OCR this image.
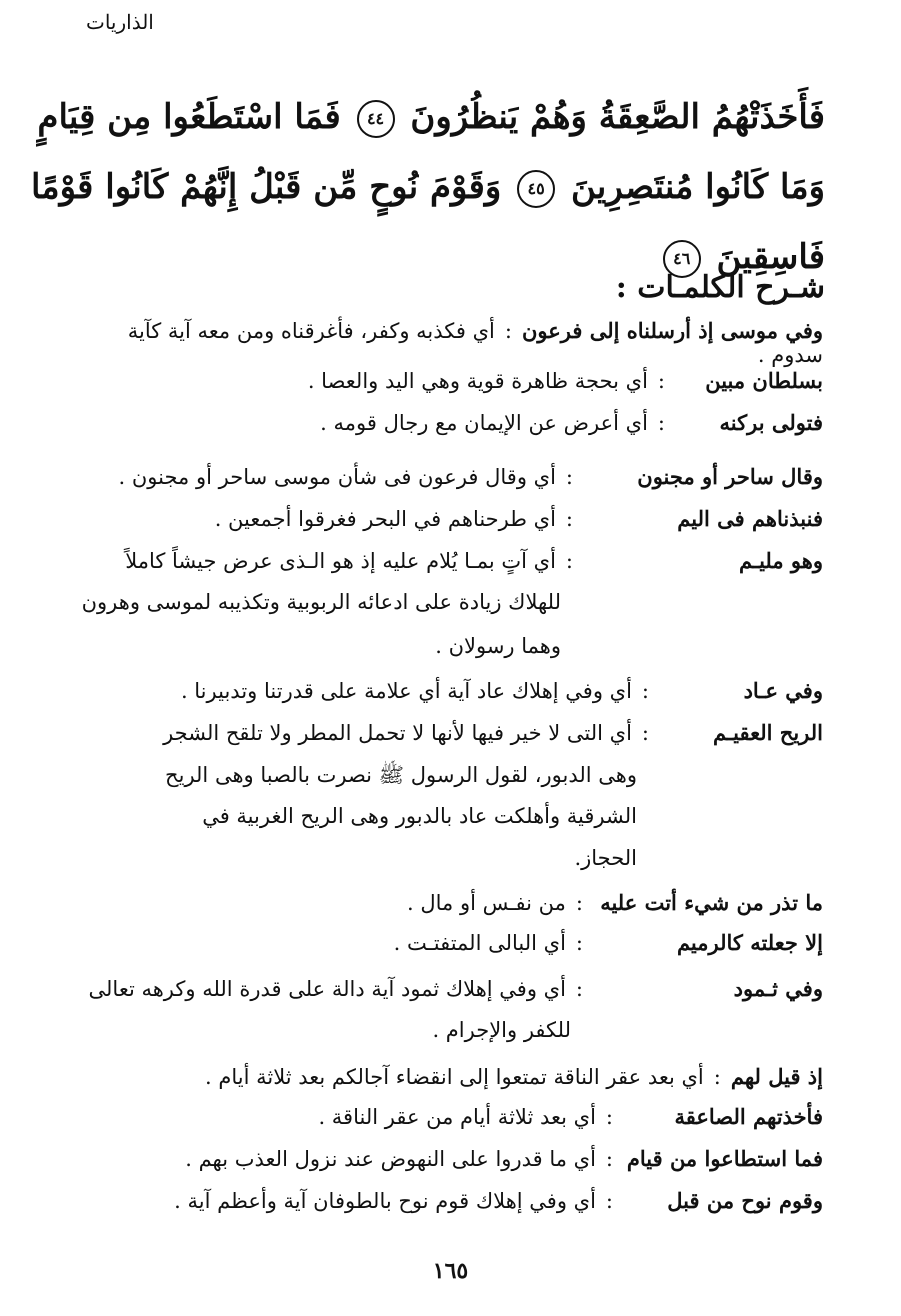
الذاريات
فَأَخَذَتْهُمُ الصَّعِقَةُ وَهُمْ يَنظُرُونَ ٤٤ فَمَا اسْتَطَعُوا مِن قِيَامٍ
وَمَا كَانُوا مُنتَصِرِينَ ٤٥ وَقَوْمَ نُوحٍ مِّن قَبْلُ إِنَّهُمْ كَانُوا قَوْمًا
فَاسِقِينَ ٤٦
شـرح الكلمـات :
وفي موسى إذ أرسلناه إلى فرعون:أي فكذبه وكفر، فأغرقناه ومن معه آية كآية سدوم .
بسلطان مبين:أي بحجة ظاهرة قوية وهي اليد والعصا .
فتولى بركنه:أي أعرض عن الإيمان مع رجال قومه .
وقال ساحر أو مجنون:أي وقال فرعون فى شأن موسى ساحر أو مجنون .
فنبذناهم فى اليم:أي طرحناهم في البحر فغرقوا أجمعين .
وهو مليـم:أي آتٍ بمـا يُلام عليه إذ هو الـذى عرض جيشاً كاملاً
للهلاك زيادة على ادعائه الربوبية وتكذيبه لموسى وهرون
وهما رسولان .
وفي عـاد:أي وفي إهلاك عاد آية أي علامة على قدرتنا وتدبيرنا .
الريح العقيـم:أي التى لا خير فيها لأنها لا تحمل المطر ولا تلقح الشجر
وهى الدبور، لقول الرسول ﷺ نصرت بالصبا وهى الريح
الشرقية وأهلكت عاد بالدبور وهى الريح الغربية في
الحجاز.
ما تذر من شيء أتت عليه:من نفـس أو مال .
إلا جعلته كالرميم:أي البالى المتفتـت .
وفي ثـمود:أي وفي إهلاك ثمود آية دالة على قدرة الله وكرهه تعالى
للكفر والإجرام .
إذ قيل لهم:أي بعد عقر الناقة تمتعوا إلى انقضاء آجالكم بعد ثلاثة أيام .
فأخذتهم الصاعقة:أي بعد ثلاثة أيام من عقر الناقة .
فما استطاعوا من قيام:أي ما قدروا على النهوض عند نزول العذب بهم .
وقوم نوح من قبل:أي وفي إهلاك قوم نوح بالطوفان آية وأعظم آية .
١٦٥
